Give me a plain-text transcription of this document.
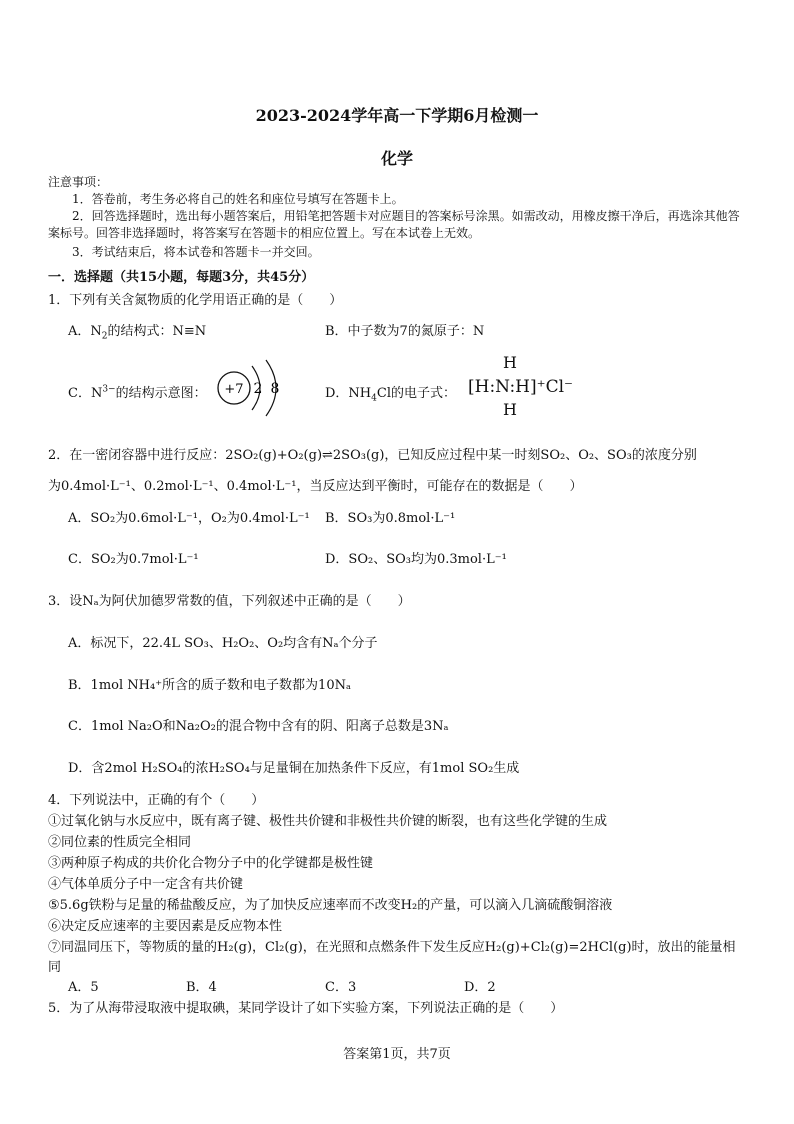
2023-2024学年高一下学期6月检测一
化学
注意事项：
1．答卷前，考生务必将自己的姓名和座位号填写在答题卡上。
2．回答选择题时，选出每小题答案后，用铅笔把答题卡对应题目的答案标号涂黑。如需改动，用橡皮擦干净后，再选涂其他答案标号。回答非选择题时，将答案写在答题卡的相应位置上。写在本试卷上无效。
3．考试结束后，将本试卷和答题卡一并交回。
一．选择题（共15小题，每题3分，共45分）
1．下列有关含氮物质的化学用语正确的是（　　）
A．$N_2$的结构式：N≡N	B．中子数为7的氮原子：N
C．$N^{3-}$的结构示意图： +7 2 8	D．$NH_4Cl$的电子式：
H
[H:N:H]⁺Cl⁻
H
2．在一密闭容器中进行反应：2SO₂(g)+O₂(g)⇌2SO₃(g)，已知反应过程中某一时刻SO₂、O₂、SO₃的浓度分别
为0.4mol·L⁻¹、0.2mol·L⁻¹、0.4mol·L⁻¹，当反应达到平衡时，可能存在的数据是（　　）
A．SO₂为0.6mol·L⁻¹，O₂为0.4mol·L⁻¹ B．SO₃为0.8mol·L⁻¹
C．SO₂为0.7mol·L⁻¹	D．SO₂、SO₃均为0.3mol·L⁻¹
3．设Nₐ为阿伏加德罗常数的值，下列叙述中正确的是（　　）
A．标况下，22.4L SO₃、H₂O₂、O₂均含有Nₐ个分子
B．1mol NH₄⁺所含的质子数和电子数都为10Nₐ
C．1mol Na₂O和Na₂O₂的混合物中含有的阴、阳离子总数是3Nₐ
D．含2mol H₂SO₄的浓H₂SO₄与足量铜在加热条件下反应，有1mol SO₂生成
4．下列说法中，正确的有个（　　）
①过氧化钠与水反应中，既有离子键、极性共价键和非极性共价键的断裂，也有这些化学键的生成
②同位素的性质完全相同
③两种原子构成的共价化合物分子中的化学键都是极性键
④气体单质分子中一定含有共价键
⑤5.6g铁粉与足量的稀盐酸反应，为了加快反应速率而不改变H₂的产量，可以滴入几滴硫酸铜溶液
⑥决定反应速率的主要因素是反应物本性
⑦同温同压下，等物质的量的H₂(g)，Cl₂(g)，在光照和点燃条件下发生反应H₂(g)+Cl₂(g)=2HCl(g)时，放出的能量相
同
A．5	B．4	C．3	D．2
5．为了从海带浸取液中提取碘，某同学设计了如下实验方案，下列说法正确的是（　　）
答案第1页，共7页
